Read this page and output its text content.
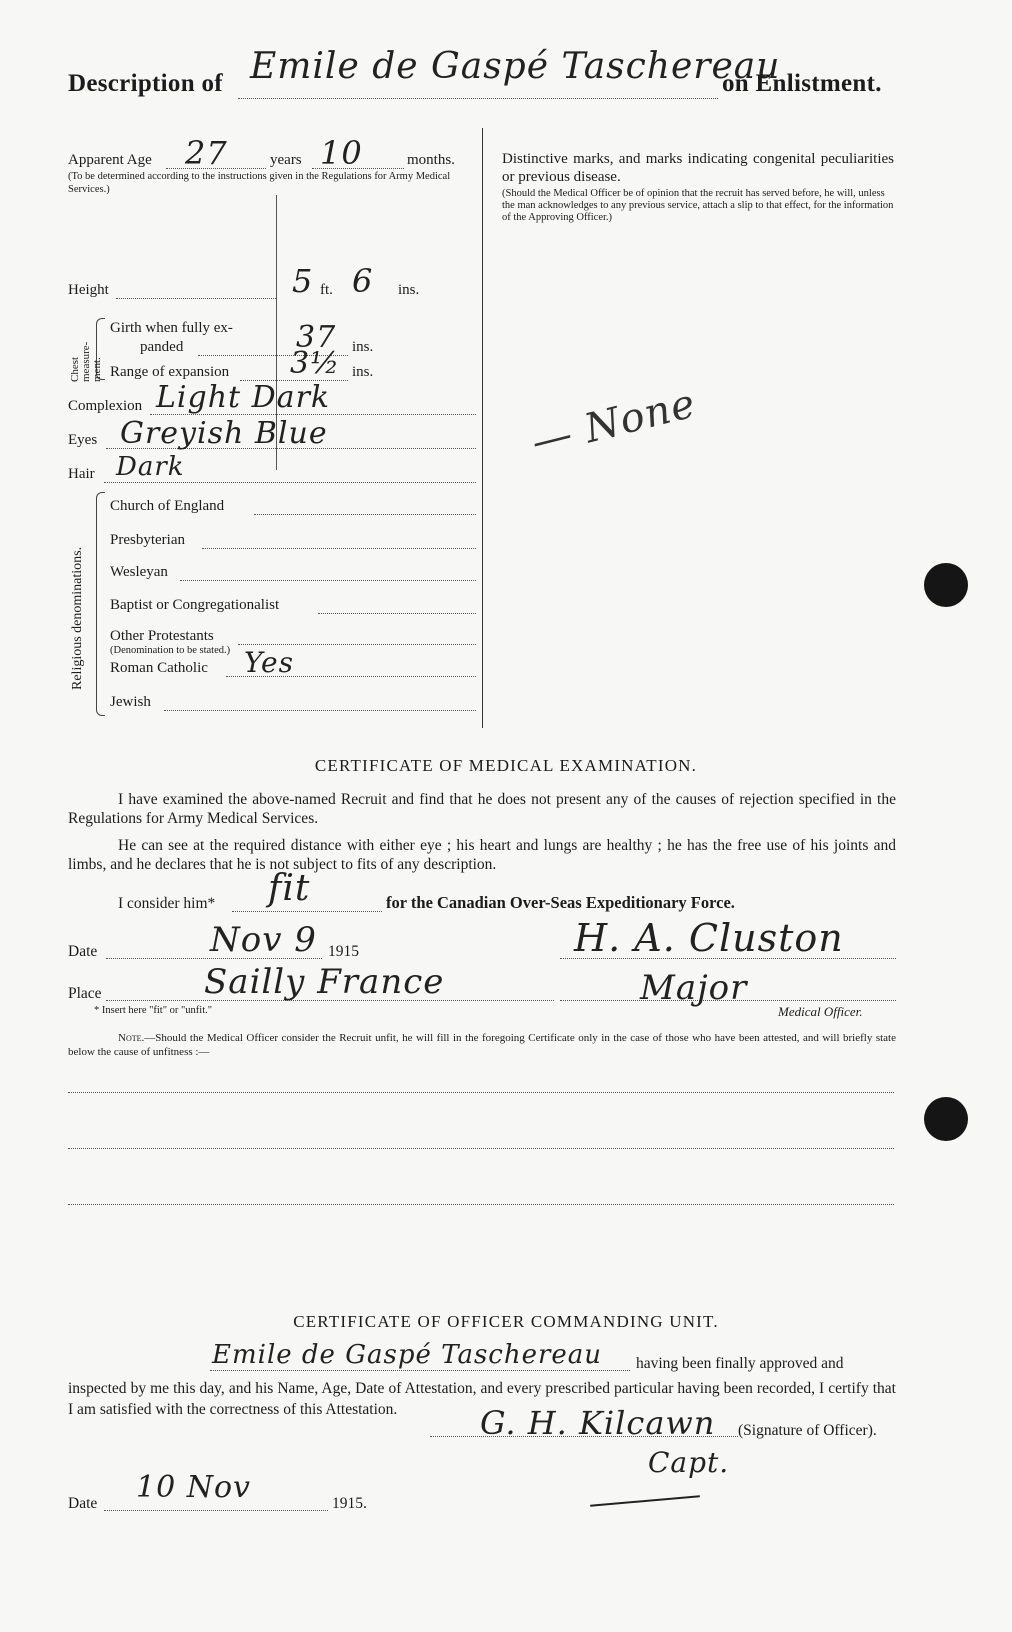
Description of Emile de Gaspé Taschereau
on Enlistment.
Apparent Age 27	years 10	months.
(To be determined according to the instructions given in the Regulations for Army Medical Services.)
Height	5 ft. 6 ins.
Chest measure-ment.
Girth when fully ex-
panded	37 ins.
Range of expansion 3½ ins.
Complexion Light Dark
Eyes Greyish Blue
Hair Dark
Religious denominations.
Church of England
Presbyterian
Wesleyan
Baptist or Congregationalist
Other Protestants
(Denomination to be stated.)
Roman Catholic Yes
Jewish
Distinctive marks, and marks indicating congenital peculiarities or previous disease.
(Should the Medical Officer be of opinion that the recruit has served before, he will, unless the man acknowledges to any previous service, attach a slip to that effect, for the information of the Approving Officer.)
— None
CERTIFICATE OF MEDICAL EXAMINATION.
I have examined the above-named Recruit and find that he does not present any of the causes of rejection specified in the Regulations for Army Medical Services.
He can see at the required distance with either eye ; his heart and lungs are healthy ; he has the free use of his joints and limbs, and he declares that he is not subject to fits of any description.
I consider him* fit	for the Canadian Over-Seas Expeditionary Force.
Date	Nov 9 1915	H. A. Cluston
Place	Sailly France	Major
* Insert here "fit" or "unfit."	Medical Officer.
Note.—Should the Medical Officer consider the Recruit unfit, he will fill in the foregoing Certificate only in the case of those who have been attested, and will briefly state below the cause of unfitness :—
CERTIFICATE OF OFFICER COMMANDING UNIT.
Emile de Gaspé Taschereau having been finally approved and
inspected by me this day, and his Name, Age, Date of Attestation, and every prescribed particular having been recorded, I certify that I am satisfied with the correctness of this Attestation.	G. H. Kilcawn (Signature of Officer).
Capt.
Date 10 Nov	1915.
